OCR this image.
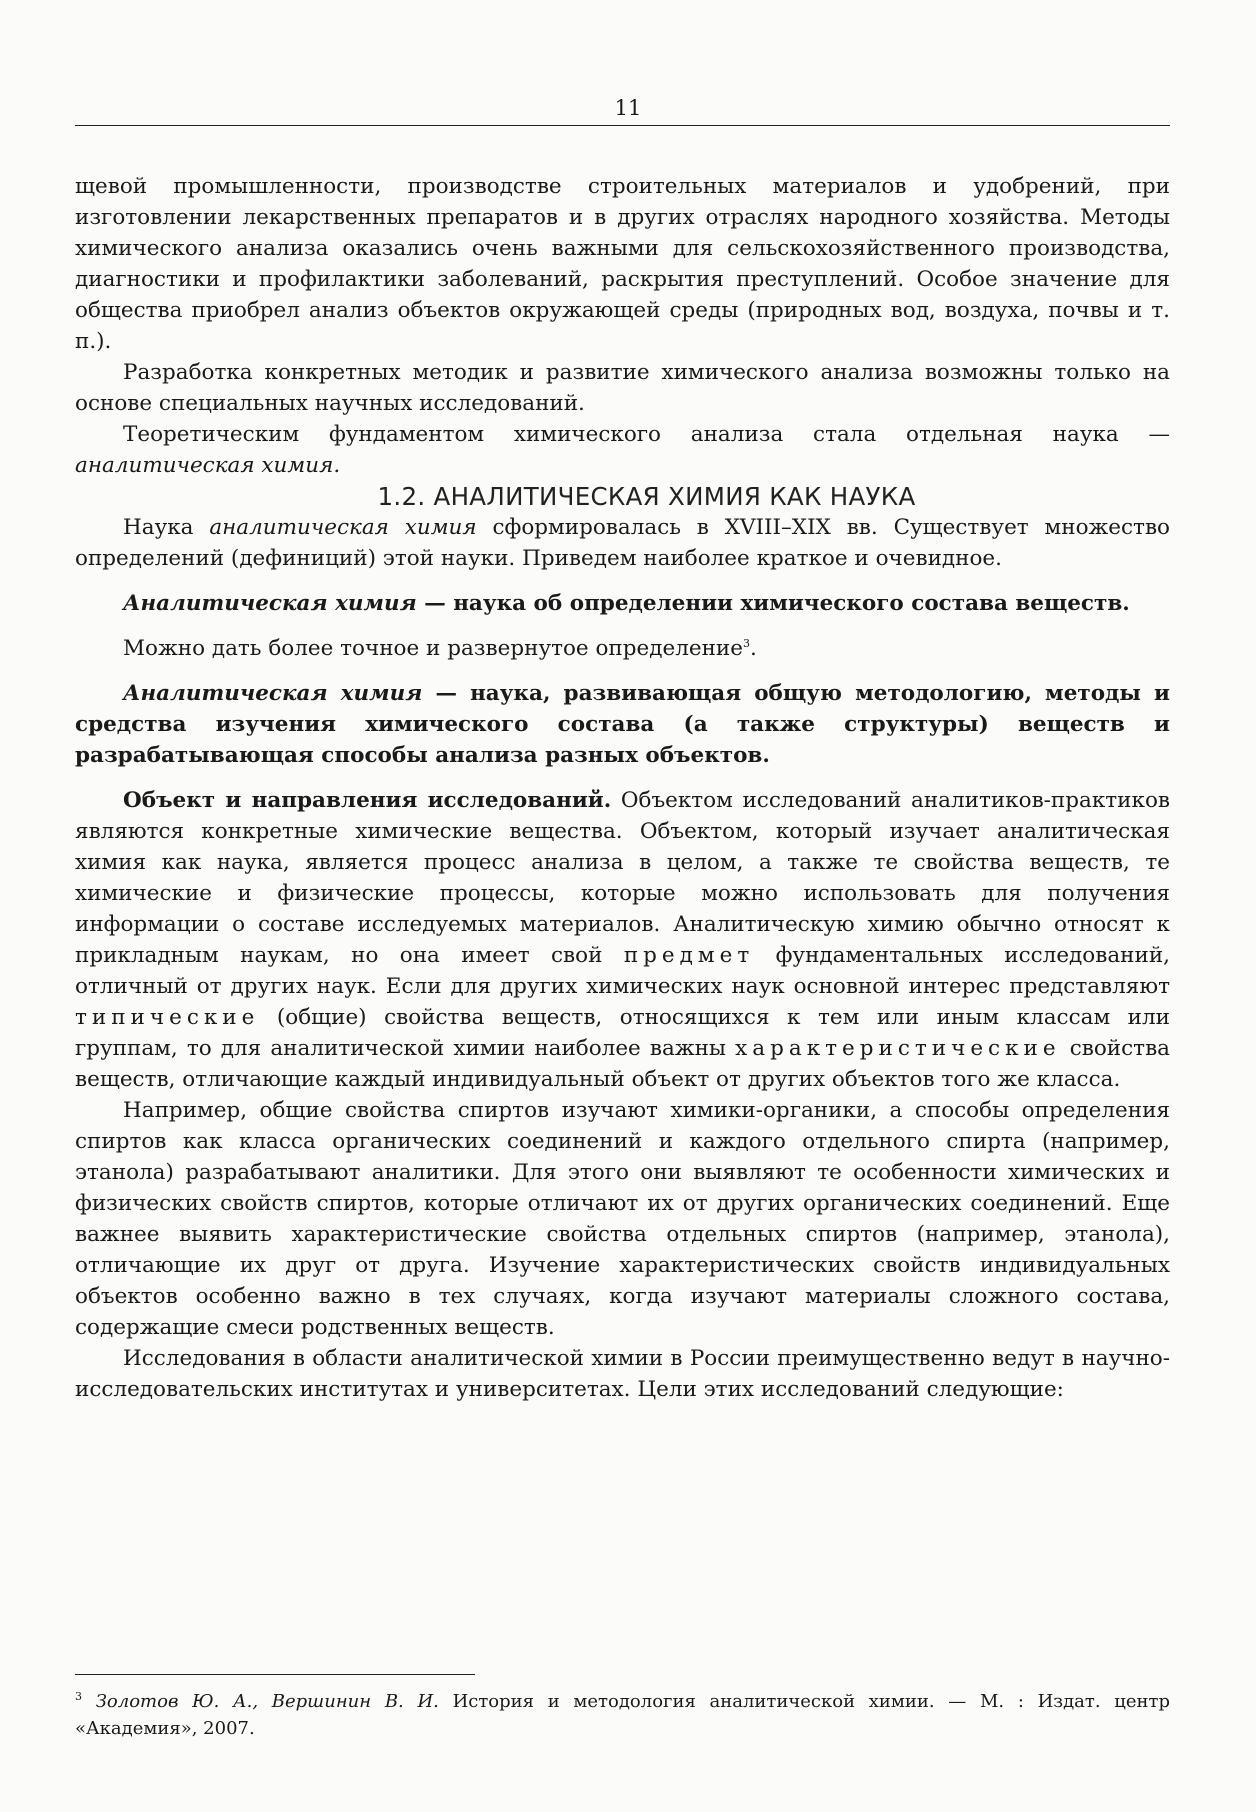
11

щевой промышленности, производстве строительных материалов и удобрений, при изготовлении лекарственных препаратов и в других отраслях народного хозяйства. Методы химического анализа оказались очень важными для сельскохозяйственного производства, диагностики и профилактики заболеваний, раскрытия преступлений. Особое значение для общества приобрел анализ объектов окружающей среды (природных вод, воздуха, почвы и т. п.).

Разработка конкретных методик и развитие химического анализа возможны только на основе специальных научных исследований.

Теоретическим фундаментом химического анализа стала отдельная наука — аналитическая химия.

1.2. АНАЛИТИЧЕСКАЯ ХИМИЯ КАК НАУКА

Наука аналитическая химия сформировалась в XVIII–XIX вв. Существует множество определений (дефиниций) этой науки. Приведем наиболее краткое и очевидное.

Аналитическая химия — наука об определении химического состава веществ.

Можно дать более точное и развернутое определение$^3$.

Аналитическая химия — наука, развивающая общую методологию, методы и средства изучения химического состава (а также структуры) веществ и разрабатывающая способы анализа разных объектов.

Объект и направления исследований. Объектом исследований аналитиков-практиков являются конкретные химические вещества. Объектом, который изучает аналитическая химия как наука, является процесс анализа в целом, а также те свойства веществ, те химические и физические процессы, которые можно использовать для получения информации о составе исследуемых материалов. Аналитическую химию обычно относят к прикладным наукам, но она имеет свой предмет фундаментальных исследований, отличный от других наук. Если для других химических наук основной интерес представляют типические (общие) свойства веществ, относящихся к тем или иным классам или группам, то для аналитической химии наиболее важны характеристические свойства веществ, отличающие каждый индивидуальный объект от других объектов того же класса.

Например, общие свойства спиртов изучают химики-органики, а способы определения спиртов как класса органических соединений и каждого отдельного спирта (например, этанола) разрабатывают аналитики. Для этого они выявляют те особенности химических и физических свойств спиртов, которые отличают их от других органических соединений. Еще важнее выявить характеристические свойства отдельных спиртов (например, этанола), отличающие их друг от друга. Изучение характеристических свойств индивидуальных объектов особенно важно в тех случаях, когда изучают материалы сложного состава, содержащие смеси родственных веществ.

Исследования в области аналитической химии в России преимущественно ведут в научно-исследовательских институтах и университетах. Цели этих исследований следующие:

$^3$ Золотов Ю. А., Вершинин В. И. История и методология аналитической химии. — М. : Издат. центр «Академия», 2007.
